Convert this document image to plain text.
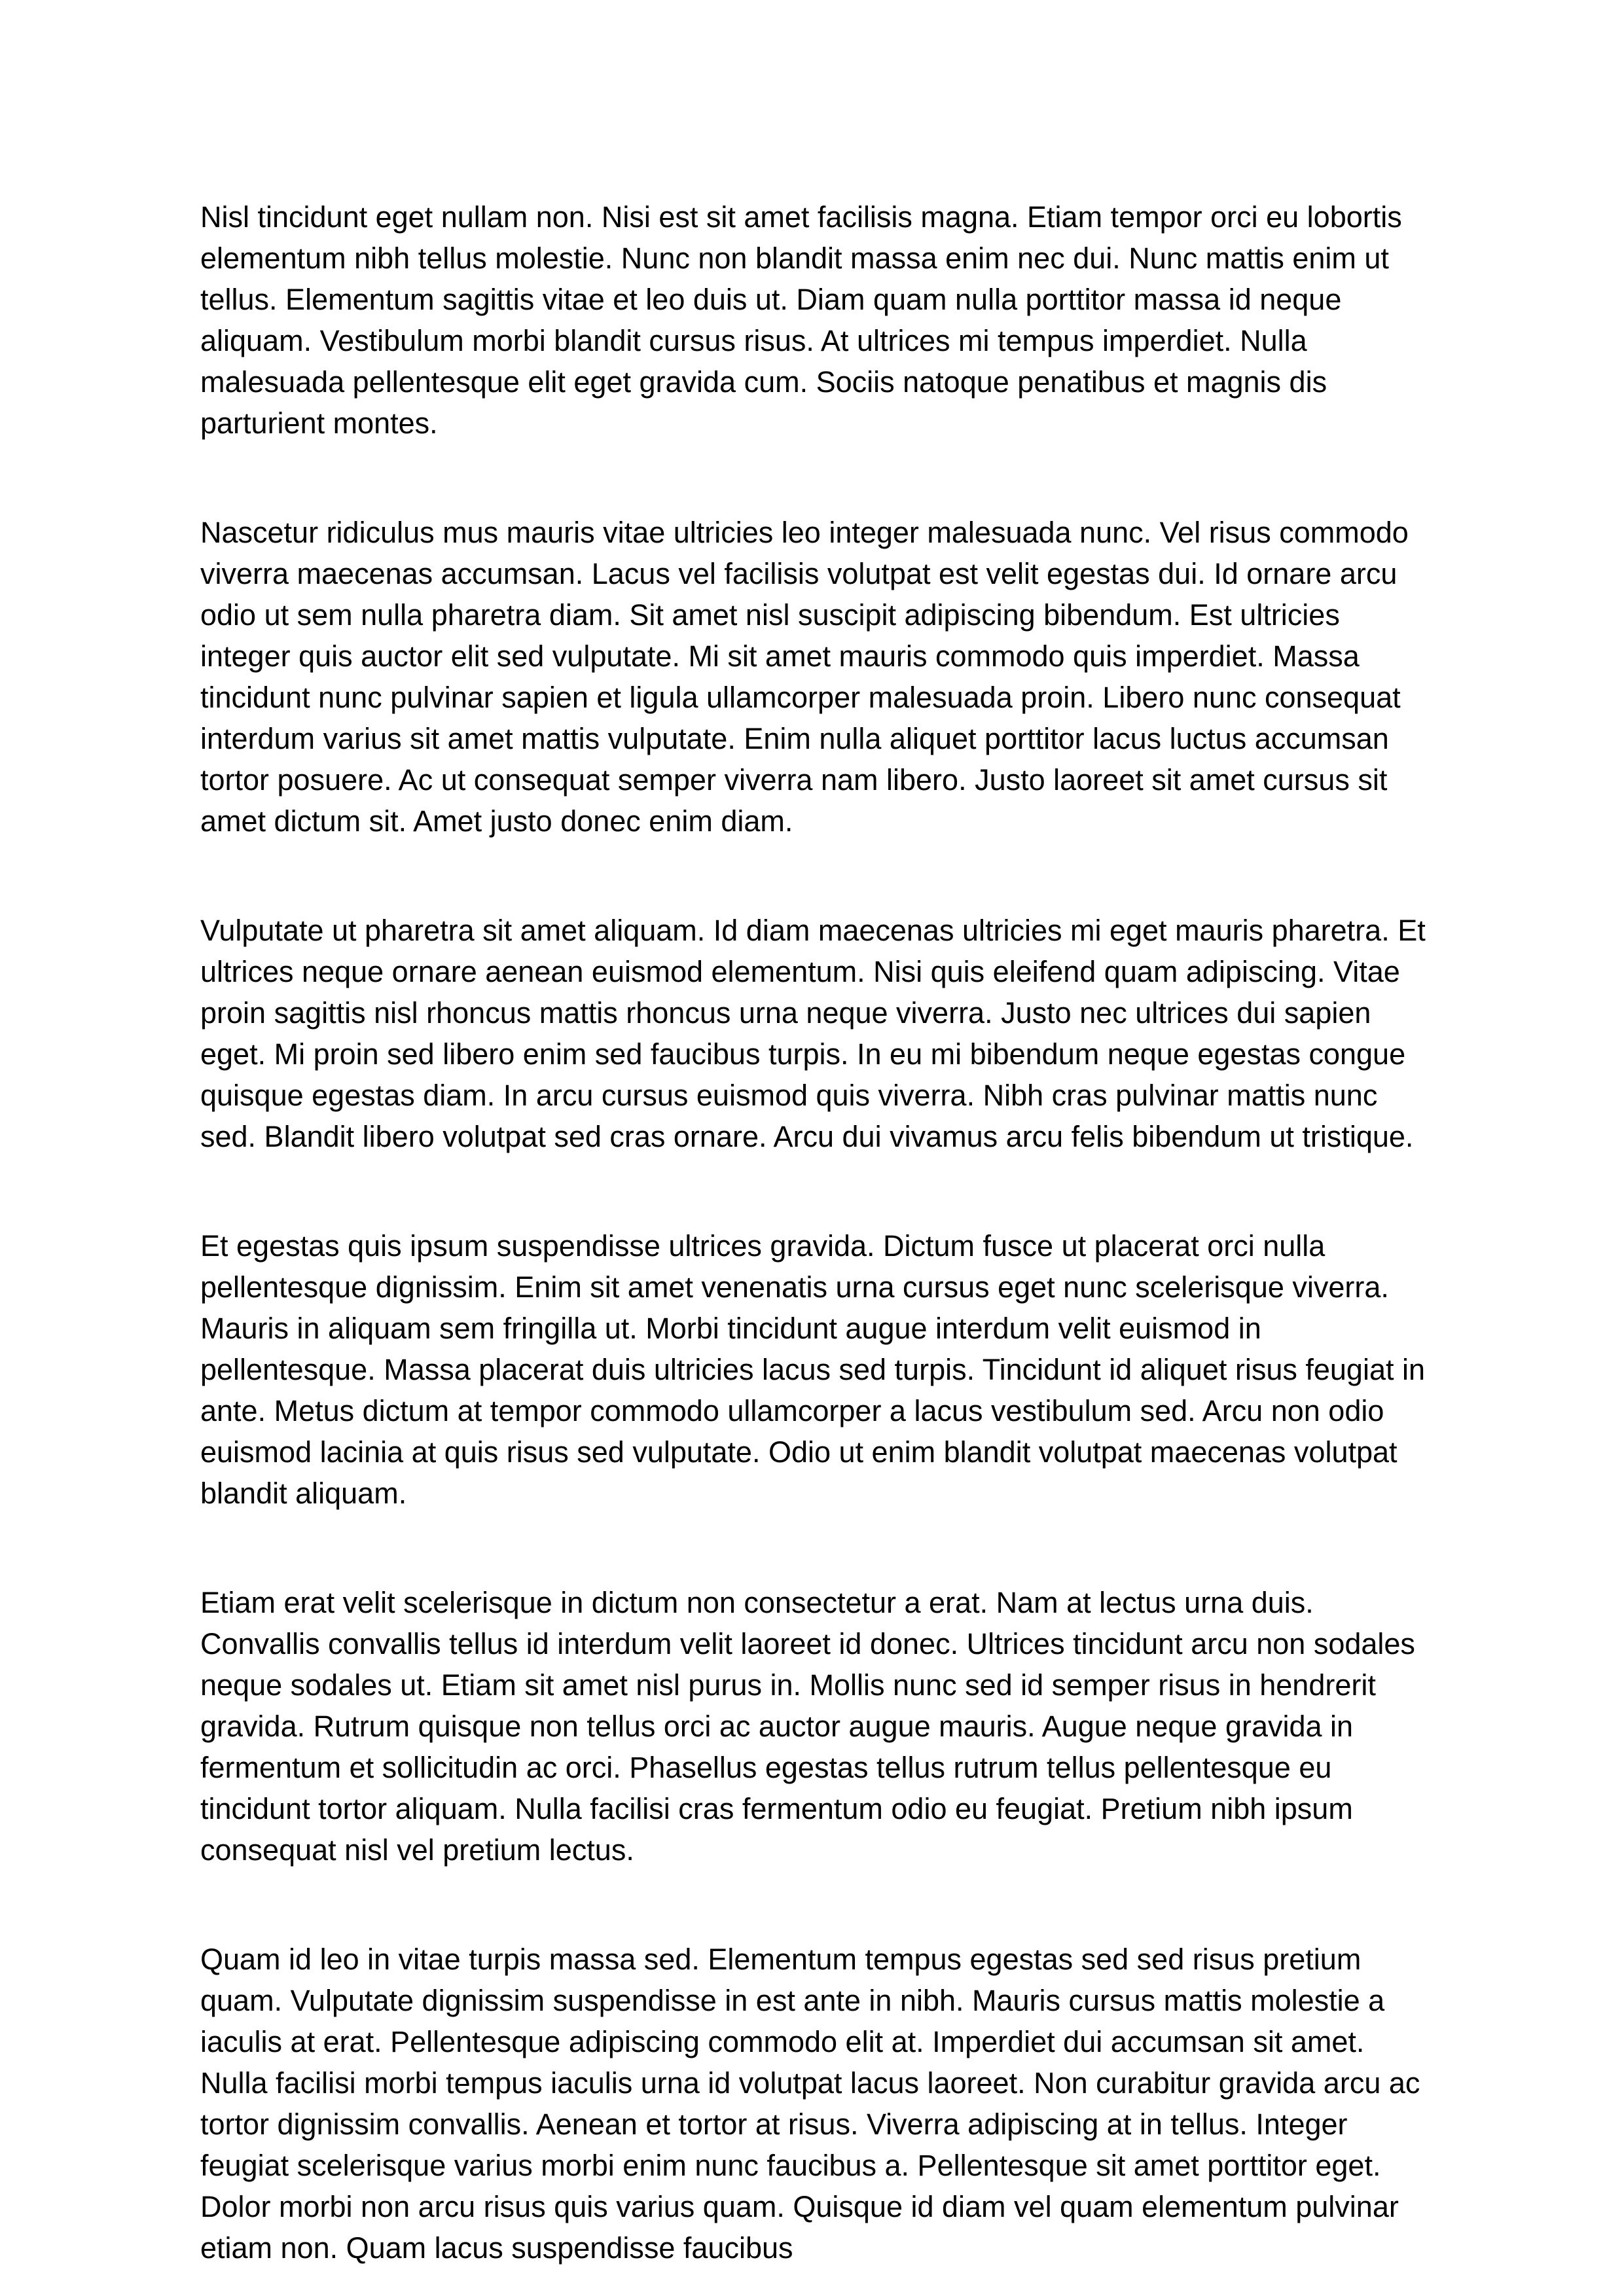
Nisl tincidunt eget nullam non. Nisi est sit amet facilisis magna. Etiam tempor orci eu lobortis elementum nibh tellus molestie. Nunc non blandit massa enim nec dui. Nunc mattis enim ut tellus. Elementum sagittis vitae et leo duis ut. Diam quam nulla porttitor massa id neque aliquam. Vestibulum morbi blandit cursus risus. At ultrices mi tempus imperdiet. Nulla malesuada pellentesque elit eget gravida cum. Sociis natoque penatibus et magnis dis parturient montes.

Nascetur ridiculus mus mauris vitae ultricies leo integer malesuada nunc. Vel risus commodo viverra maecenas accumsan. Lacus vel facilisis volutpat est velit egestas dui. Id ornare arcu odio ut sem nulla pharetra diam. Sit amet nisl suscipit adipiscing bibendum. Est ultricies integer quis auctor elit sed vulputate. Mi sit amet mauris commodo quis imperdiet. Massa tincidunt nunc pulvinar sapien et ligula ullamcorper malesuada proin. Libero nunc consequat interdum varius sit amet mattis vulputate. Enim nulla aliquet porttitor lacus luctus accumsan tortor posuere. Ac ut consequat semper viverra nam libero. Justo laoreet sit amet cursus sit amet dictum sit. Amet justo donec enim diam.

Vulputate ut pharetra sit amet aliquam. Id diam maecenas ultricies mi eget mauris pharetra. Et ultrices neque ornare aenean euismod elementum. Nisi quis eleifend quam adipiscing. Vitae proin sagittis nisl rhoncus mattis rhoncus urna neque viverra. Justo nec ultrices dui sapien eget. Mi proin sed libero enim sed faucibus turpis. In eu mi bibendum neque egestas congue quisque egestas diam. In arcu cursus euismod quis viverra. Nibh cras pulvinar mattis nunc sed. Blandit libero volutpat sed cras ornare. Arcu dui vivamus arcu felis bibendum ut tristique.

Et egestas quis ipsum suspendisse ultrices gravida. Dictum fusce ut placerat orci nulla pellentesque dignissim. Enim sit amet venenatis urna cursus eget nunc scelerisque viverra. Mauris in aliquam sem fringilla ut. Morbi tincidunt augue interdum velit euismod in pellentesque. Massa placerat duis ultricies lacus sed turpis. Tincidunt id aliquet risus feugiat in ante. Metus dictum at tempor commodo ullamcorper a lacus vestibulum sed. Arcu non odio euismod lacinia at quis risus sed vulputate. Odio ut enim blandit volutpat maecenas volutpat blandit aliquam.

Etiam erat velit scelerisque in dictum non consectetur a erat. Nam at lectus urna duis. Convallis convallis tellus id interdum velit laoreet id donec. Ultrices tincidunt arcu non sodales neque sodales ut. Etiam sit amet nisl purus in. Mollis nunc sed id semper risus in hendrerit gravida. Rutrum quisque non tellus orci ac auctor augue mauris. Augue neque gravida in fermentum et sollicitudin ac orci. Phasellus egestas tellus rutrum tellus pellentesque eu tincidunt tortor aliquam. Nulla facilisi cras fermentum odio eu feugiat. Pretium nibh ipsum consequat nisl vel pretium lectus.

Quam id leo in vitae turpis massa sed. Elementum tempus egestas sed sed risus pretium quam. Vulputate dignissim suspendisse in est ante in nibh. Mauris cursus mattis molestie a iaculis at erat. Pellentesque adipiscing commodo elit at. Imperdiet dui accumsan sit amet. Nulla facilisi morbi tempus iaculis urna id volutpat lacus laoreet. Non curabitur gravida arcu ac tortor dignissim convallis. Aenean et tortor at risus. Viverra adipiscing at in tellus. Integer feugiat scelerisque varius morbi enim nunc faucibus a. Pellentesque sit amet porttitor eget. Dolor morbi non arcu risus quis varius quam. Quisque id diam vel quam elementum pulvinar etiam non. Quam lacus suspendisse faucibus
